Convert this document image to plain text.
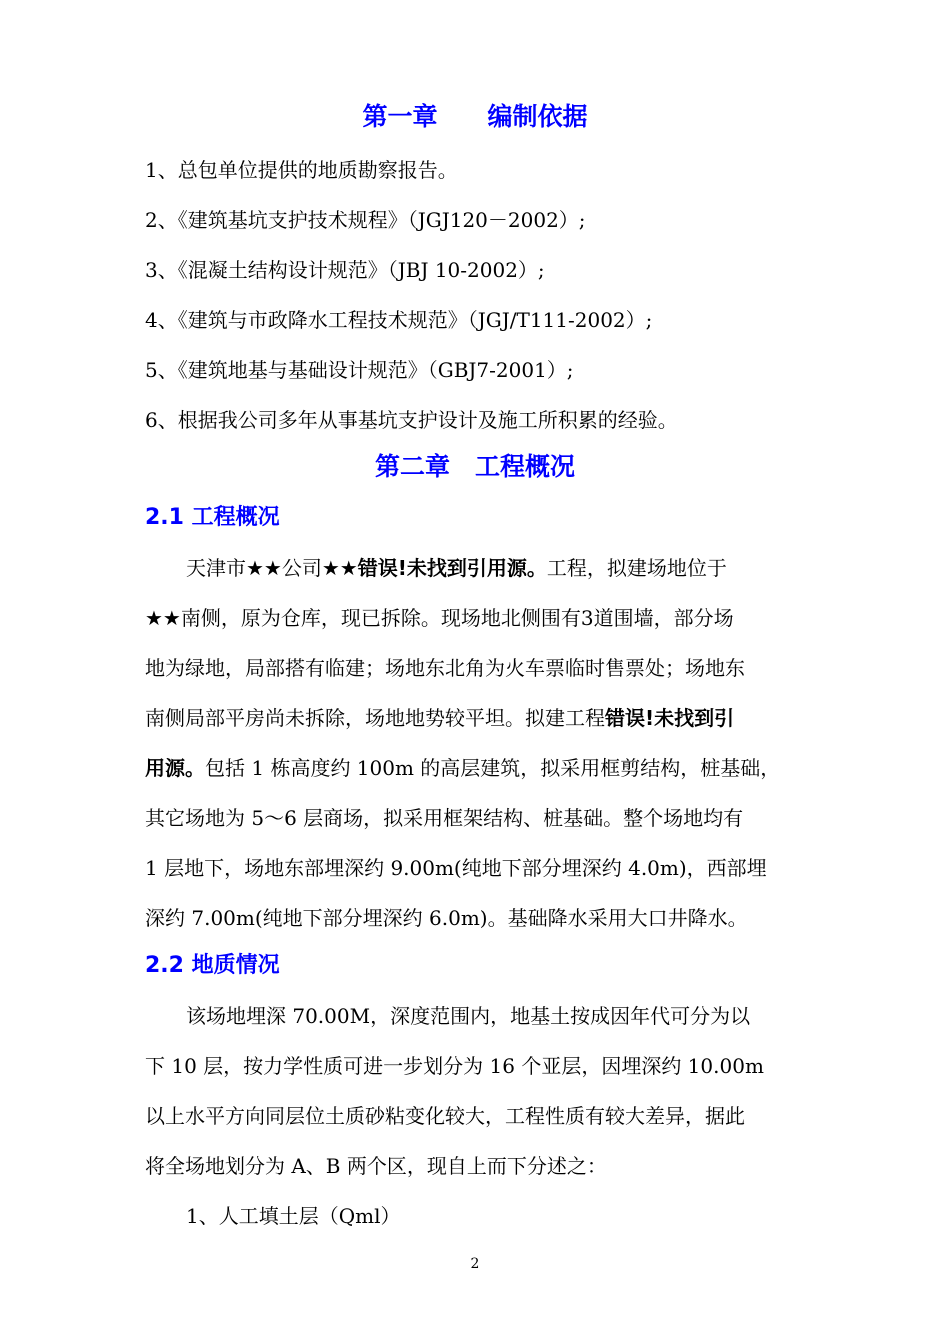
第一章　　编制依据
1、总包单位提供的地质勘察报告。
2、《建筑基坑支护技术规程》（JGJ120－2002）;
3、《混凝土结构设计规范》（JBJ 10-2002）;
4、《建筑与市政降水工程技术规范》（JGJ/T111-2002）;
5、《建筑地基与基础设计规范》（GBJ7-2001）;
6、根据我公司多年从事基坑支护设计及施工所积累的经验。
第二章　工程概况
2.1 工程概况
天津市★★公司★★错误!未找到引用源。工程，拟建场地位于
★★南侧，原为仓库，现已拆除。现场地北侧围有3道围墙，部分场
地为绿地，局部搭有临建；场地东北角为火车票临时售票处；场地东
南侧局部平房尚未拆除，场地地势较平坦。拟建工程错误!未找到引
用源。包括 1 栋高度约 100m 的高层建筑，拟采用框剪结构，桩基础，
其它场地为 5～6 层商场，拟采用框架结构、桩基础。整个场地均有
1 层地下，场地东部埋深约 9.00m(纯地下部分埋深约 4.0m)，西部埋
深约 7.00m(纯地下部分埋深约 6.0m)。基础降水采用大口井降水。
2.2 地质情况
该场地埋深 70.00M，深度范围内，地基土按成因年代可分为以
下 10 层，按力学性质可进一步划分为 16 个亚层，因埋深约 10.00m
以上水平方向同层位土质砂粘变化较大，工程性质有较大差异，据此
将全场地划分为 A、B 两个区，现自上而下分述之：
1、人工填土层（Qml）
2
